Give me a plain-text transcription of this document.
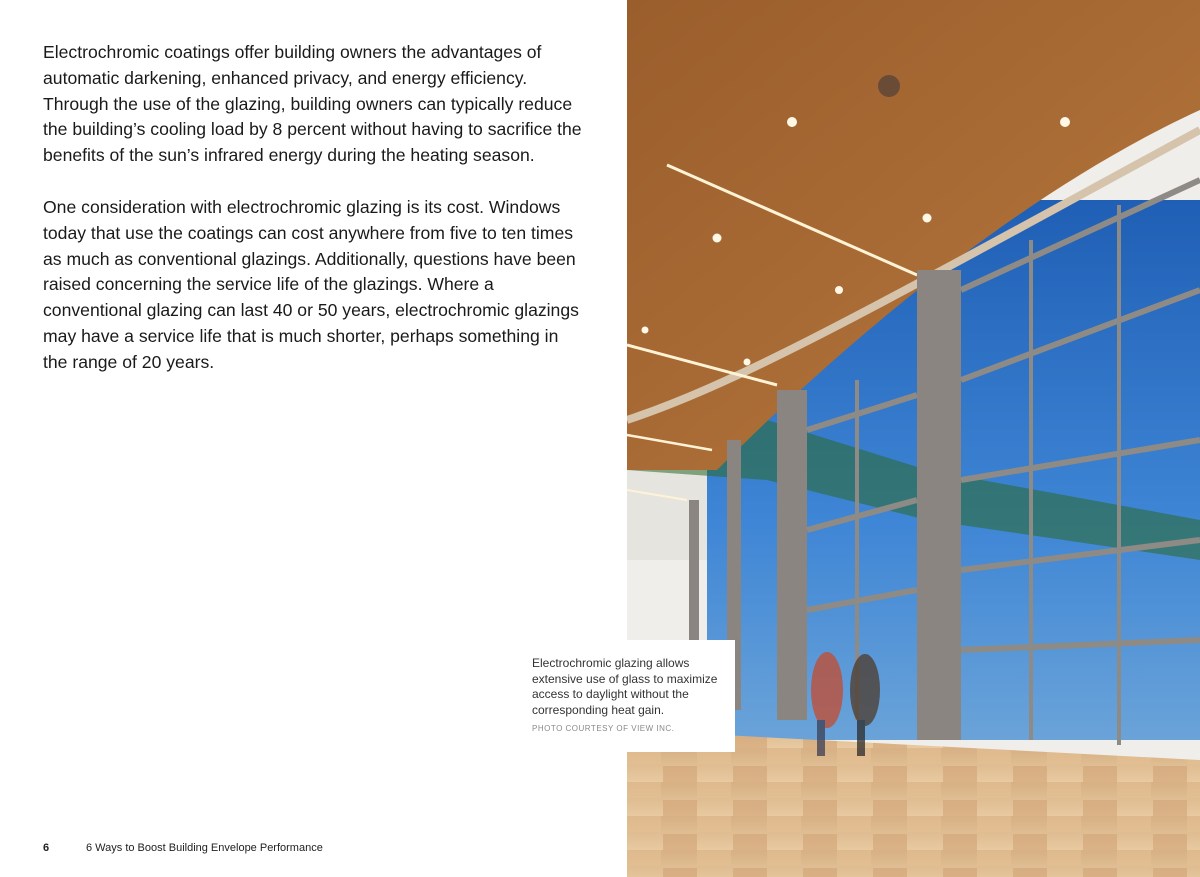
Electrochromic coatings offer building owners the advantages of automatic darkening, enhanced privacy, and energy efficiency. Through the use of the glazing, building owners can typically reduce the building’s cooling load by 8 percent without having to sacrifice the benefits of the sun’s infrared energy during the heating season.

One consideration with electrochromic glazing is its cost. Windows today that use the coatings can cost anywhere from five to ten times as much as conventional glazings. Additionally, questions have been raised concerning the service life of the glazings. Where a conventional glazing can last 40 or 50 years, electrochromic glazings may have a service life that is much shorter, perhaps something in the range of 20 years.

Electrochromic glazing allows extensive use of glass to maximize access to daylight without the corresponding heat gain.

PHOTO COURTESY OF VIEW INC.
6	6 Ways to Boost Building Envelope Performance
